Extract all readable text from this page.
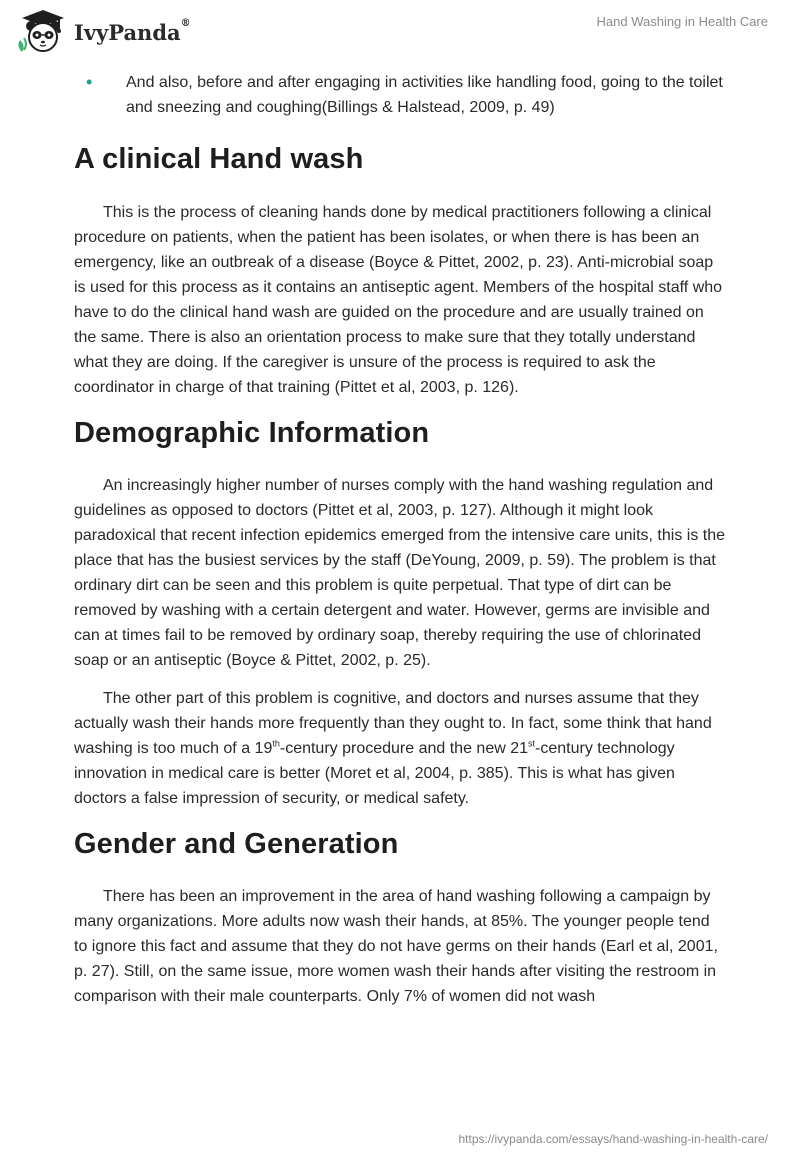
IvyPanda®	Hand Washing in Health Care
•	And also, before and after engaging in activities like handling food, going to the toilet and sneezing and coughing(Billings & Halstead, 2009, p. 49)
A clinical Hand wash

This is the process of cleaning hands done by medical practitioners following a clinical procedure on patients, when the patient has been isolates, or when there is has been an emergency, like an outbreak of a disease (Boyce & Pittet, 2002, p. 23). Anti-microbial soap is used for this process as it contains an antiseptic agent. Members of the hospital staff who have to do the clinical hand wash are guided on the procedure and are usually trained on the same. There is also an orientation process to make sure that they totally understand what they are doing. If the caregiver is unsure of the process is required to ask the coordinator in charge of that training (Pittet et al, 2003, p. 126).

Demographic Information

An increasingly higher number of nurses comply with the hand washing regulation and guidelines as opposed to doctors (Pittet et al, 2003, p. 127). Although it might look paradoxical that recent infection epidemics emerged from the intensive care units, this is the place that has the busiest services by the staff (DeYoung, 2009, p. 59). The problem is that ordinary dirt can be seen and this problem is quite perpetual. That type of dirt can be removed by washing with a certain detergent and water. However, germs are invisible and can at times fail to be removed by ordinary soap, thereby requiring the use of chlorinated soap or an antiseptic (Boyce & Pittet, 2002, p. 25).

The other part of this problem is cognitive, and doctors and nurses assume that they actually wash their hands more frequently than they ought to. In fact, some think that hand washing is too much of a 19th-century procedure and the new 21st-century technology innovation in medical care is better (Moret et al, 2004, p. 385). This is what has given doctors a false impression of security, or medical safety.

Gender and Generation

There has been an improvement in the area of hand washing following a campaign by many organizations. More adults now wash their hands, at 85%. The younger people tend to ignore this fact and assume that they do not have germs on their hands (Earl et al, 2001, p. 27). Still, on the same issue, more women wash their hands after visiting the restroom in comparison with their male counterparts. Only 7% of women did not wash

https://ivypanda.com/essays/hand-washing-in-health-care/
